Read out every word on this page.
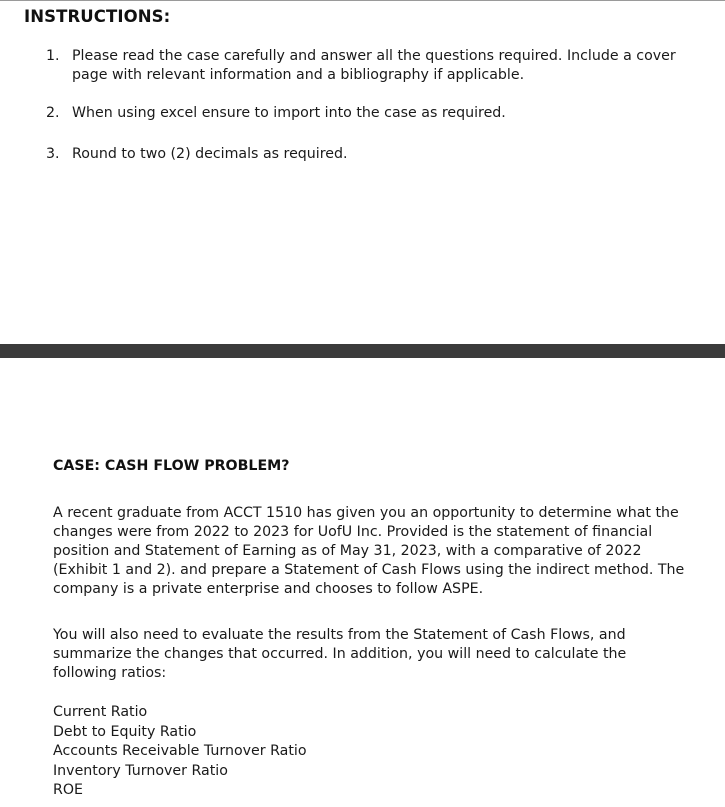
INSTRUCTIONS:
1. Please read the case carefully and answer all the questions required. Include a cover page with relevant information and a bibliography if applicable.
2. When using excel ensure to import into the case as required.
3. Round to two (2) decimals as required.
CASE: CASH FLOW PROBLEM?

A recent graduate from ACCT 1510 has given you an opportunity to determine what the changes were from 2022 to 2023 for UofU Inc. Provided is the statement of financial position and Statement of Earning as of May 31, 2023, with a comparative of 2022 (Exhibit 1 and 2). and prepare a Statement of Cash Flows using the indirect method. The company is a private enterprise and chooses to follow ASPE.

You will also need to evaluate the results from the Statement of Cash Flows, and summarize the changes that occurred. In addition, you will need to calculate the following ratios:

Current Ratio
Debt to Equity Ratio
Accounts Receivable Turnover Ratio
Inventory Turnover Ratio
ROE
